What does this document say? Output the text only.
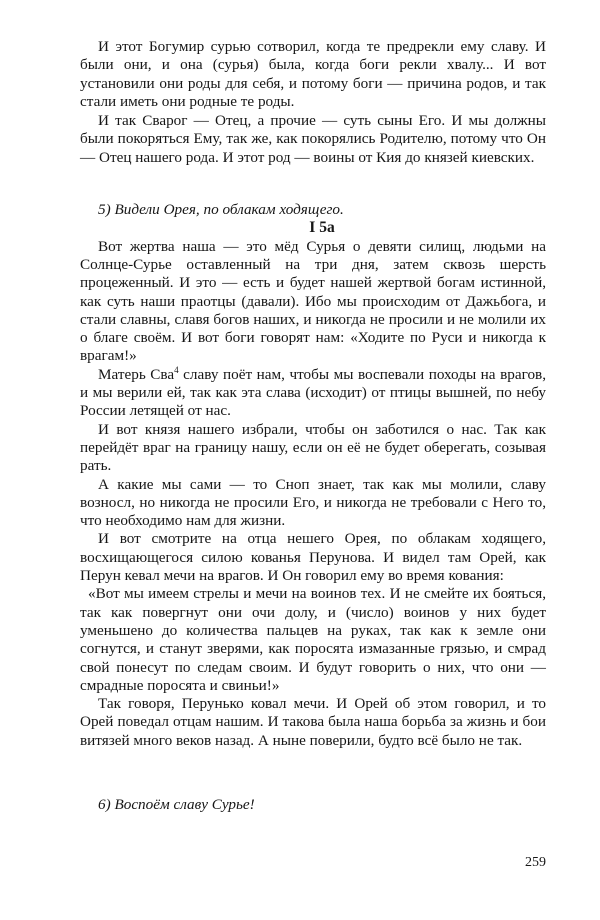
И этот Богумир сурью сотворил, когда те предрекли ему славу. И были они, и она (сурья) была, когда боги рекли хвалу... И вот установили они роды для себя, и потому боги — причина родов, и так стали иметь они родные те роды.

И так Сварог — Отец, а прочие — суть сыны Его. И мы должны были покоряться Ему, так же, как покорялись Родителю, потому что Он — Отец нашего рода. И этот род — воины от Кия до князей киевских.

5) Видели Орея, по облакам ходящего.

I 5а

Вот жертва наша — это мёд Сурья о девяти силищ, людьми на Солнце-Сурье оставленный на три дня, затем сквозь шерсть процеженный. И это — есть и будет нашей жертвой богам истинной, как суть наши праотцы (давали). Ибо мы происходим от Дажьбога, и стали славны, славя богов наших, и никогда не просили и не молили их о благе своём. И вот боги говорят нам: «Ходите по Руси и никогда к врагам!»

Матерь Сва$^4$ славу поёт нам, чтобы мы воспевали походы на врагов, и мы верили ей, так как эта слава (исходит) от птицы вышней, по небу России летящей от нас.

И вот князя нашего избрали, чтобы он заботился о нас. Так как перейдёт враг на границу нашу, если он её не будет оберегать, созывая рать.

А какие мы сами — то Сноп знает, так как мы молили, славу возносл, но никогда не просили Его, и никогда не требовали с Него то, что необходимо нам для жизни.

И вот смотрите на отца нешего Орея, по облакам ходящего, восхищающегося силою кованья Перунова. И видел там Орей, как Перун кевал мечи на врагов. И Он говорил ему во время кования:

«Вот мы имеем стрелы и мечи на воинов тех. И не смейте их бояться, так как повергнут они очи долу, и (число) воинов у них будет уменьшено до количества пальцев на руках, так как к земле они согнутся, и станут зверями, как поросята измазанные грязью, и смрад свой понесут по следам своим. И будут говорить о них, что они — смрадные поросята и свиньи!»

Так говоря, Перунько ковал мечи. И Орей об этом говорил, и то Орей поведал отцам нашим. И такова была наша борьба за жизнь и бои витязей много веков назад. А ныне поверили, будто всё было не так.

6) Воспоём славу Сурье!

259
